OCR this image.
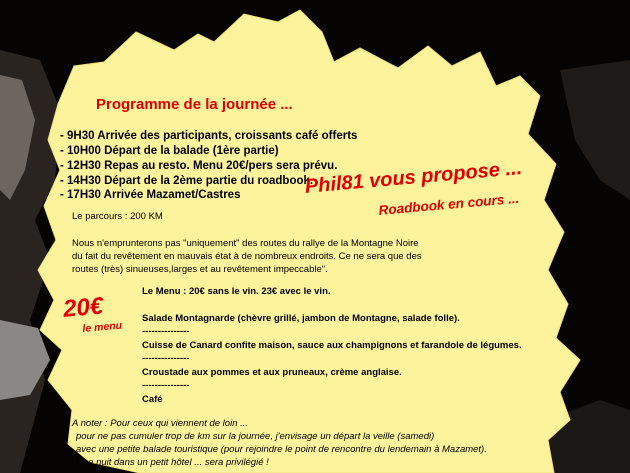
Programme de la journée ...
- 9H30 Arrivée des participants, croissants café offerts
- 10H00 Départ de la balade (1ère partie)
- 12H30 Repas au resto. Menu 20€/pers sera prévu.
- 14H30 Départ de la 2ème partie du roadbook.
- 17H30 Arrivée Mazamet/Castres	Phil81 vous propose ...
Roadbook en cours ...
Le parcours : 200 KM
Nous n'emprunterons pas "uniquement" des routes du rallye de la Montagne Noire
du fait du revêtement en mauvais état à de nombreux endroits. Ce ne sera que des
routes (très) sinueuses,larges et au revêtement impeccable".
20€
le menu
Le Menu : 20€ sans le vin. 23€ avec le vin.
Salade Montagnarde (chèvre grillé, jambon de Montagne, salade folle).
---------------
Cuisse de Canard confite maison, sauce aux champignons et farandole de légumes.
---------------
Croustade aux pommes et aux pruneaux, crème anglaise.
---------------
Café
A noter : Pour ceux qui viennent de loin ...
pour ne pas cumuler trop de km sur la journée, j'envisage un départ la veille (samedi)
avec une petite balade touristique (pour rejoindre le point de rencontre du lendemain à Mazamet).
Une nuit dans un petit hôtel ... sera privilégié !
